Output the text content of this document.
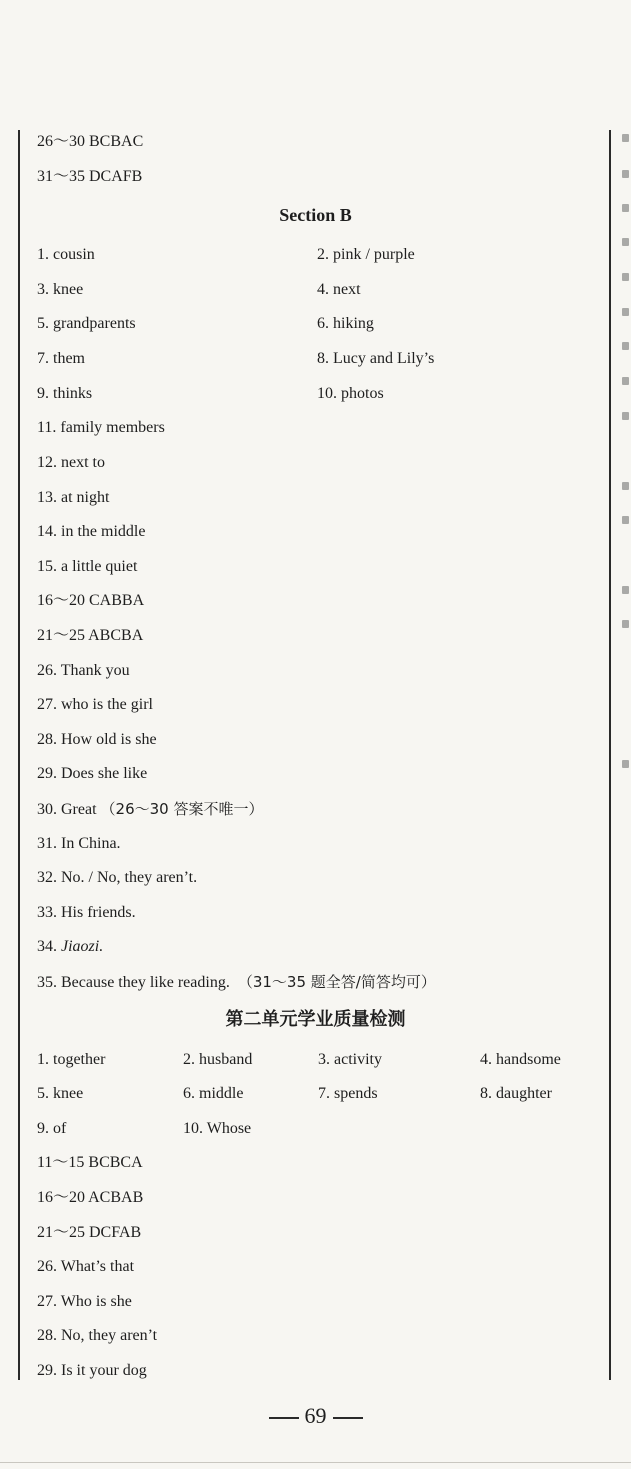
26～30 BCBAC
31～35 DCAFB
Section B
1. cousin	2. pink / purple
3. knee	4. next
5. grandparents	6. hiking
7. them	8. Lucy and Lily’s
9. thinks	10. photos
11. family members
12. next to
13. at night
14. in the middle
15. a little quiet
16～20 CABBA
21～25 ABCBA
26. Thank you
27. who is the girl
28. How old is she
29. Does she like
30. Great （26～30 答案不唯一）
31. In China.
32. No. / No, they aren’t.
33. His friends.
34. Jiaozi.
35. Because they like reading. （31～35 题全答/简答均可）
第二单元学业质量检测
1. together	2. husband	3. activity	4. handsome
5. knee	6. middle	7. spends	8. daughter
9. of	10. Whose
11～15 BCBCA
16～20 ACBAB
21～25 DCFAB
26. What’s that
27. Who is she
28. No, they aren’t
29. Is it your dog
69
